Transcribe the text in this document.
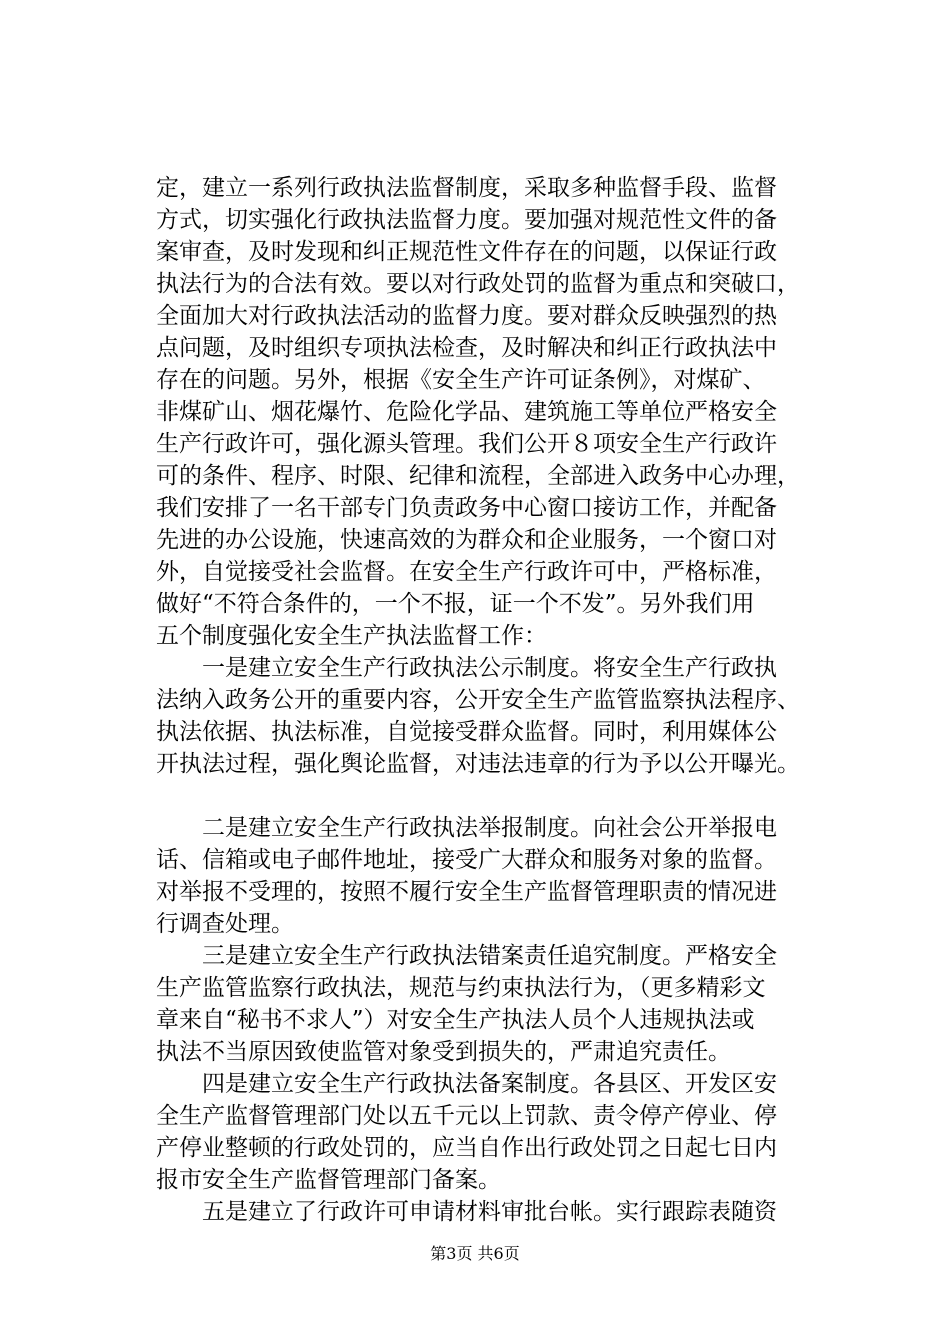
定，建立一系列行政执法监督制度，采取多种监督手段、监督
方式，切实强化行政执法监督力度。要加强对规范性文件的备
案审查，及时发现和纠正规范性文件存在的问题，以保证行政
执法行为的合法有效。要以对行政处罚的监督为重点和突破口，
全面加大对行政执法活动的监督力度。要对群众反映强烈的热
点问题，及时组织专项执法检查，及时解决和纠正行政执法中
存在的问题。另外，根据《安全生产许可证条例》，对煤矿、
非煤矿山、烟花爆竹、危险化学品、建筑施工等单位严格安全
生产行政许可，强化源头管理。我们公开８项安全生产行政许
可的条件、程序、时限、纪律和流程，全部进入政务中心办理，
我们安排了一名干部专门负责政务中心窗口接访工作，并配备
先进的办公设施，快速高效的为群众和企业服务，一个窗口对
外，自觉接受社会监督。在安全生产行政许可中，严格标准，
做好“不符合条件的，一个不报，证一个不发”。另外我们用
五个制度强化安全生产执法监督工作：
　　一是建立安全生产行政执法公示制度。将安全生产行政执
法纳入政务公开的重要内容，公开安全生产监管监察执法程序、
执法依据、执法标准，自觉接受群众监督。同时，利用媒体公
开执法过程，强化舆论监督，对违法违章的行为予以公开曝光。
　　二是建立安全生产行政执法举报制度。向社会公开举报电
话、信箱或电子邮件地址，接受广大群众和服务对象的监督。
对举报不受理的，按照不履行安全生产监督管理职责的情况进
行调查处理。
　　三是建立安全生产行政执法错案责任追究制度。严格安全
生产监管监察行政执法，规范与约束执法行为，（更多精彩文
章来自“秘书不求人”）对安全生产执法人员个人违规执法或
执法不当原因致使监管对象受到损失的，严肃追究责任。
　　四是建立安全生产行政执法备案制度。各县区、开发区安
全生产监督管理部门处以五千元以上罚款、责令停产停业、停
产停业整顿的行政处罚的，应当自作出行政处罚之日起七日内
报市安全生产监督管理部门备案。
　　五是建立了行政许可申请材料审批台帐。实行跟踪表随资
第3页 共6页
